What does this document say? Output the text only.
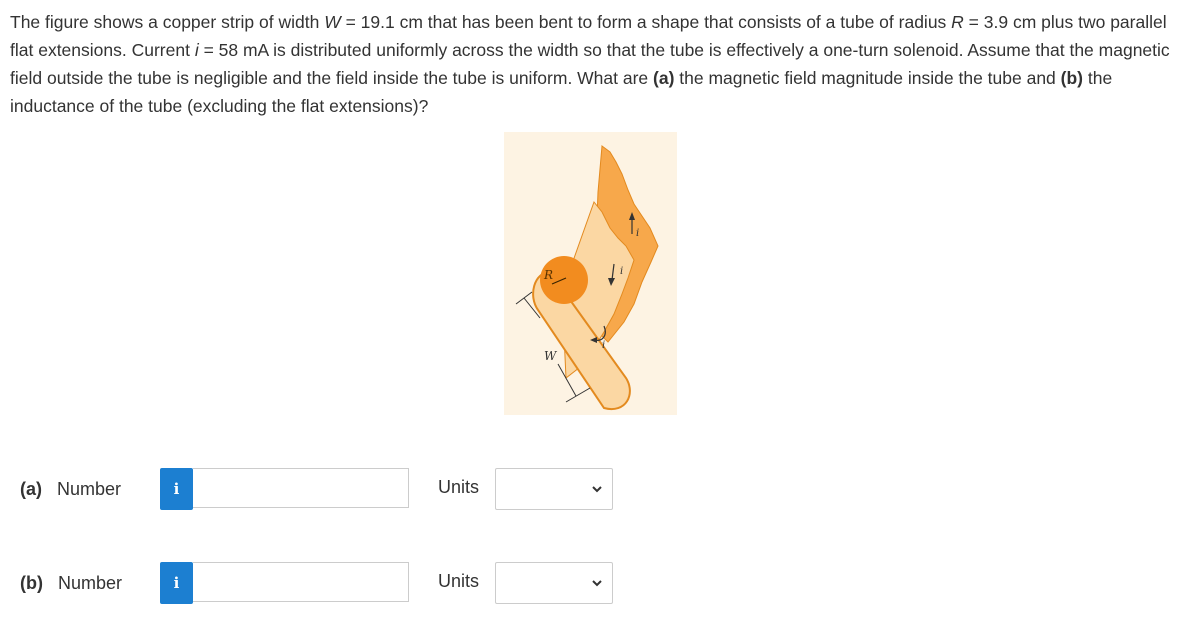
The figure shows a copper strip of width W = 19.1 cm that has been bent to form a shape that consists of a tube of radius R = 3.9 cm plus two parallel flat extensions. Current i = 58 mA is distributed uniformly across the width so that the tube is effectively a one-turn solenoid. Assume that the magnetic field outside the tube is negligible and the field inside the tube is uniform. What are (a) the magnetic field magnitude inside the tube and (b) the inductance of the tube (excluding the flat extensions)?
R
W
i
i
i
(a) Number	i	Units
(b) Number	i	Units
